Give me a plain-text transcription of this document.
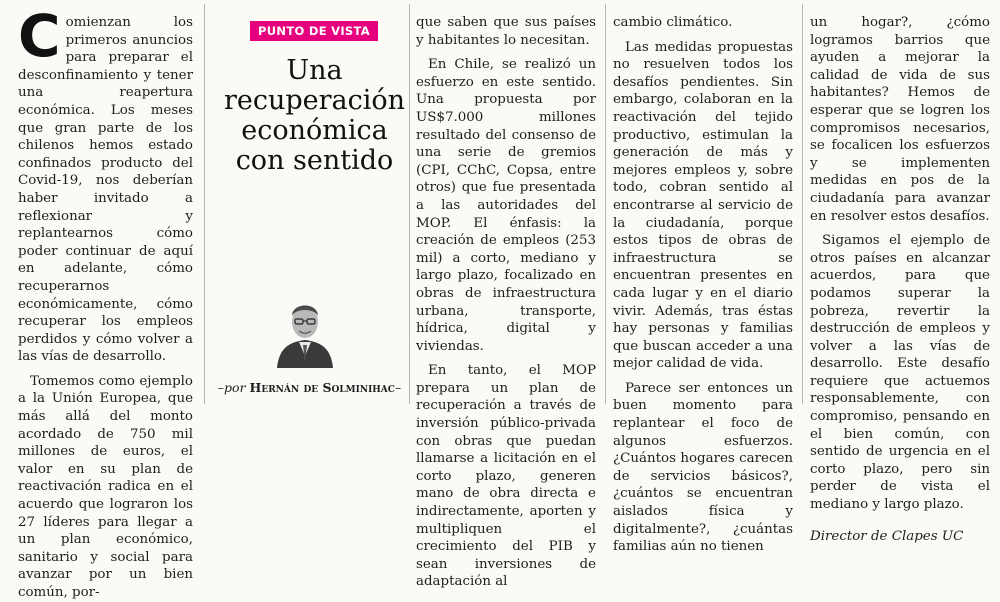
Comienzan los primeros anuncios para preparar el desconfinamiento y tener una reapertura económica. Los meses que gran parte de los chilenos hemos estado confinados producto del Covid-19, nos deberían haber invitado a reflexionar y replantearnos cómo poder continuar de aquí en adelante, cómo recuperarnos económicamente, cómo recuperar los empleos perdidos y cómo volver a las vías de desarrollo.

Tomemos como ejemplo a la Unión Europea, que más allá del monto acordado de 750 mil millones de euros, el valor en su plan de reactivación radica en el acuerdo que lograron los 27 líderes para llegar a un plan económico, sanitario y social para avanzar por un bien común, por-

PUNTO DE VISTA
Una recuperación económica con sentido
–por Hernán de Solminihac–

que saben que sus países y habitantes lo necesitan.

En Chile, se realizó un esfuerzo en este sentido. Una propuesta por US$7.000 millones resultado del consenso de una serie de gremios (CPI, CChC, Copsa, entre otros) que fue presentada a las autoridades del MOP. El énfasis: la creación de empleos (253 mil) a corto, mediano y largo plazo, focalizado en obras de infraestructura urbana, transporte, hídrica, digital y viviendas.

En tanto, el MOP prepara un plan de recuperación a través de inversión público-privada con obras que puedan llamarse a licitación en el corto plazo, generen mano de obra directa e indirectamente, aporten y multipliquen el crecimiento del PIB y sean inversiones de adaptación al

cambio climático.

Las medidas propuestas no resuelven todos los desafíos pendientes. Sin embargo, colaboran en la reactivación del tejido productivo, estimulan la generación de más y mejores empleos y, sobre todo, cobran sentido al encontrarse al servicio de la ciudadanía, porque estos tipos de obras de infraestructura se encuentran presentes en cada lugar y en el diario vivir. Además, tras éstas hay personas y familias que buscan acceder a una mejor calidad de vida.

Parece ser entonces un buen momento para replantear el foco de algunos esfuerzos. ¿Cuántos hogares carecen de servicios básicos?, ¿cuántos se encuentran aislados física y digitalmente?, ¿cuántas familias aún no tienen

un hogar?, ¿cómo logramos barrios que ayuden a mejorar la calidad de vida de sus habitantes? Hemos de esperar que se logren los compromisos necesarios, se focalicen los esfuerzos y se implementen medidas en pos de la ciudadanía para avanzar en resolver estos desafíos.

Sigamos el ejemplo de otros países en alcanzar acuerdos, para que podamos superar la pobreza, revertir la destrucción de empleos y volver a las vías de desarrollo. Este desafío requiere que actuemos responsablemente, con compromiso, pensando en el bien común, con sentido de urgencia en el corto plazo, pero sin perder de vista el mediano y largo plazo.

Director de Clapes UC
